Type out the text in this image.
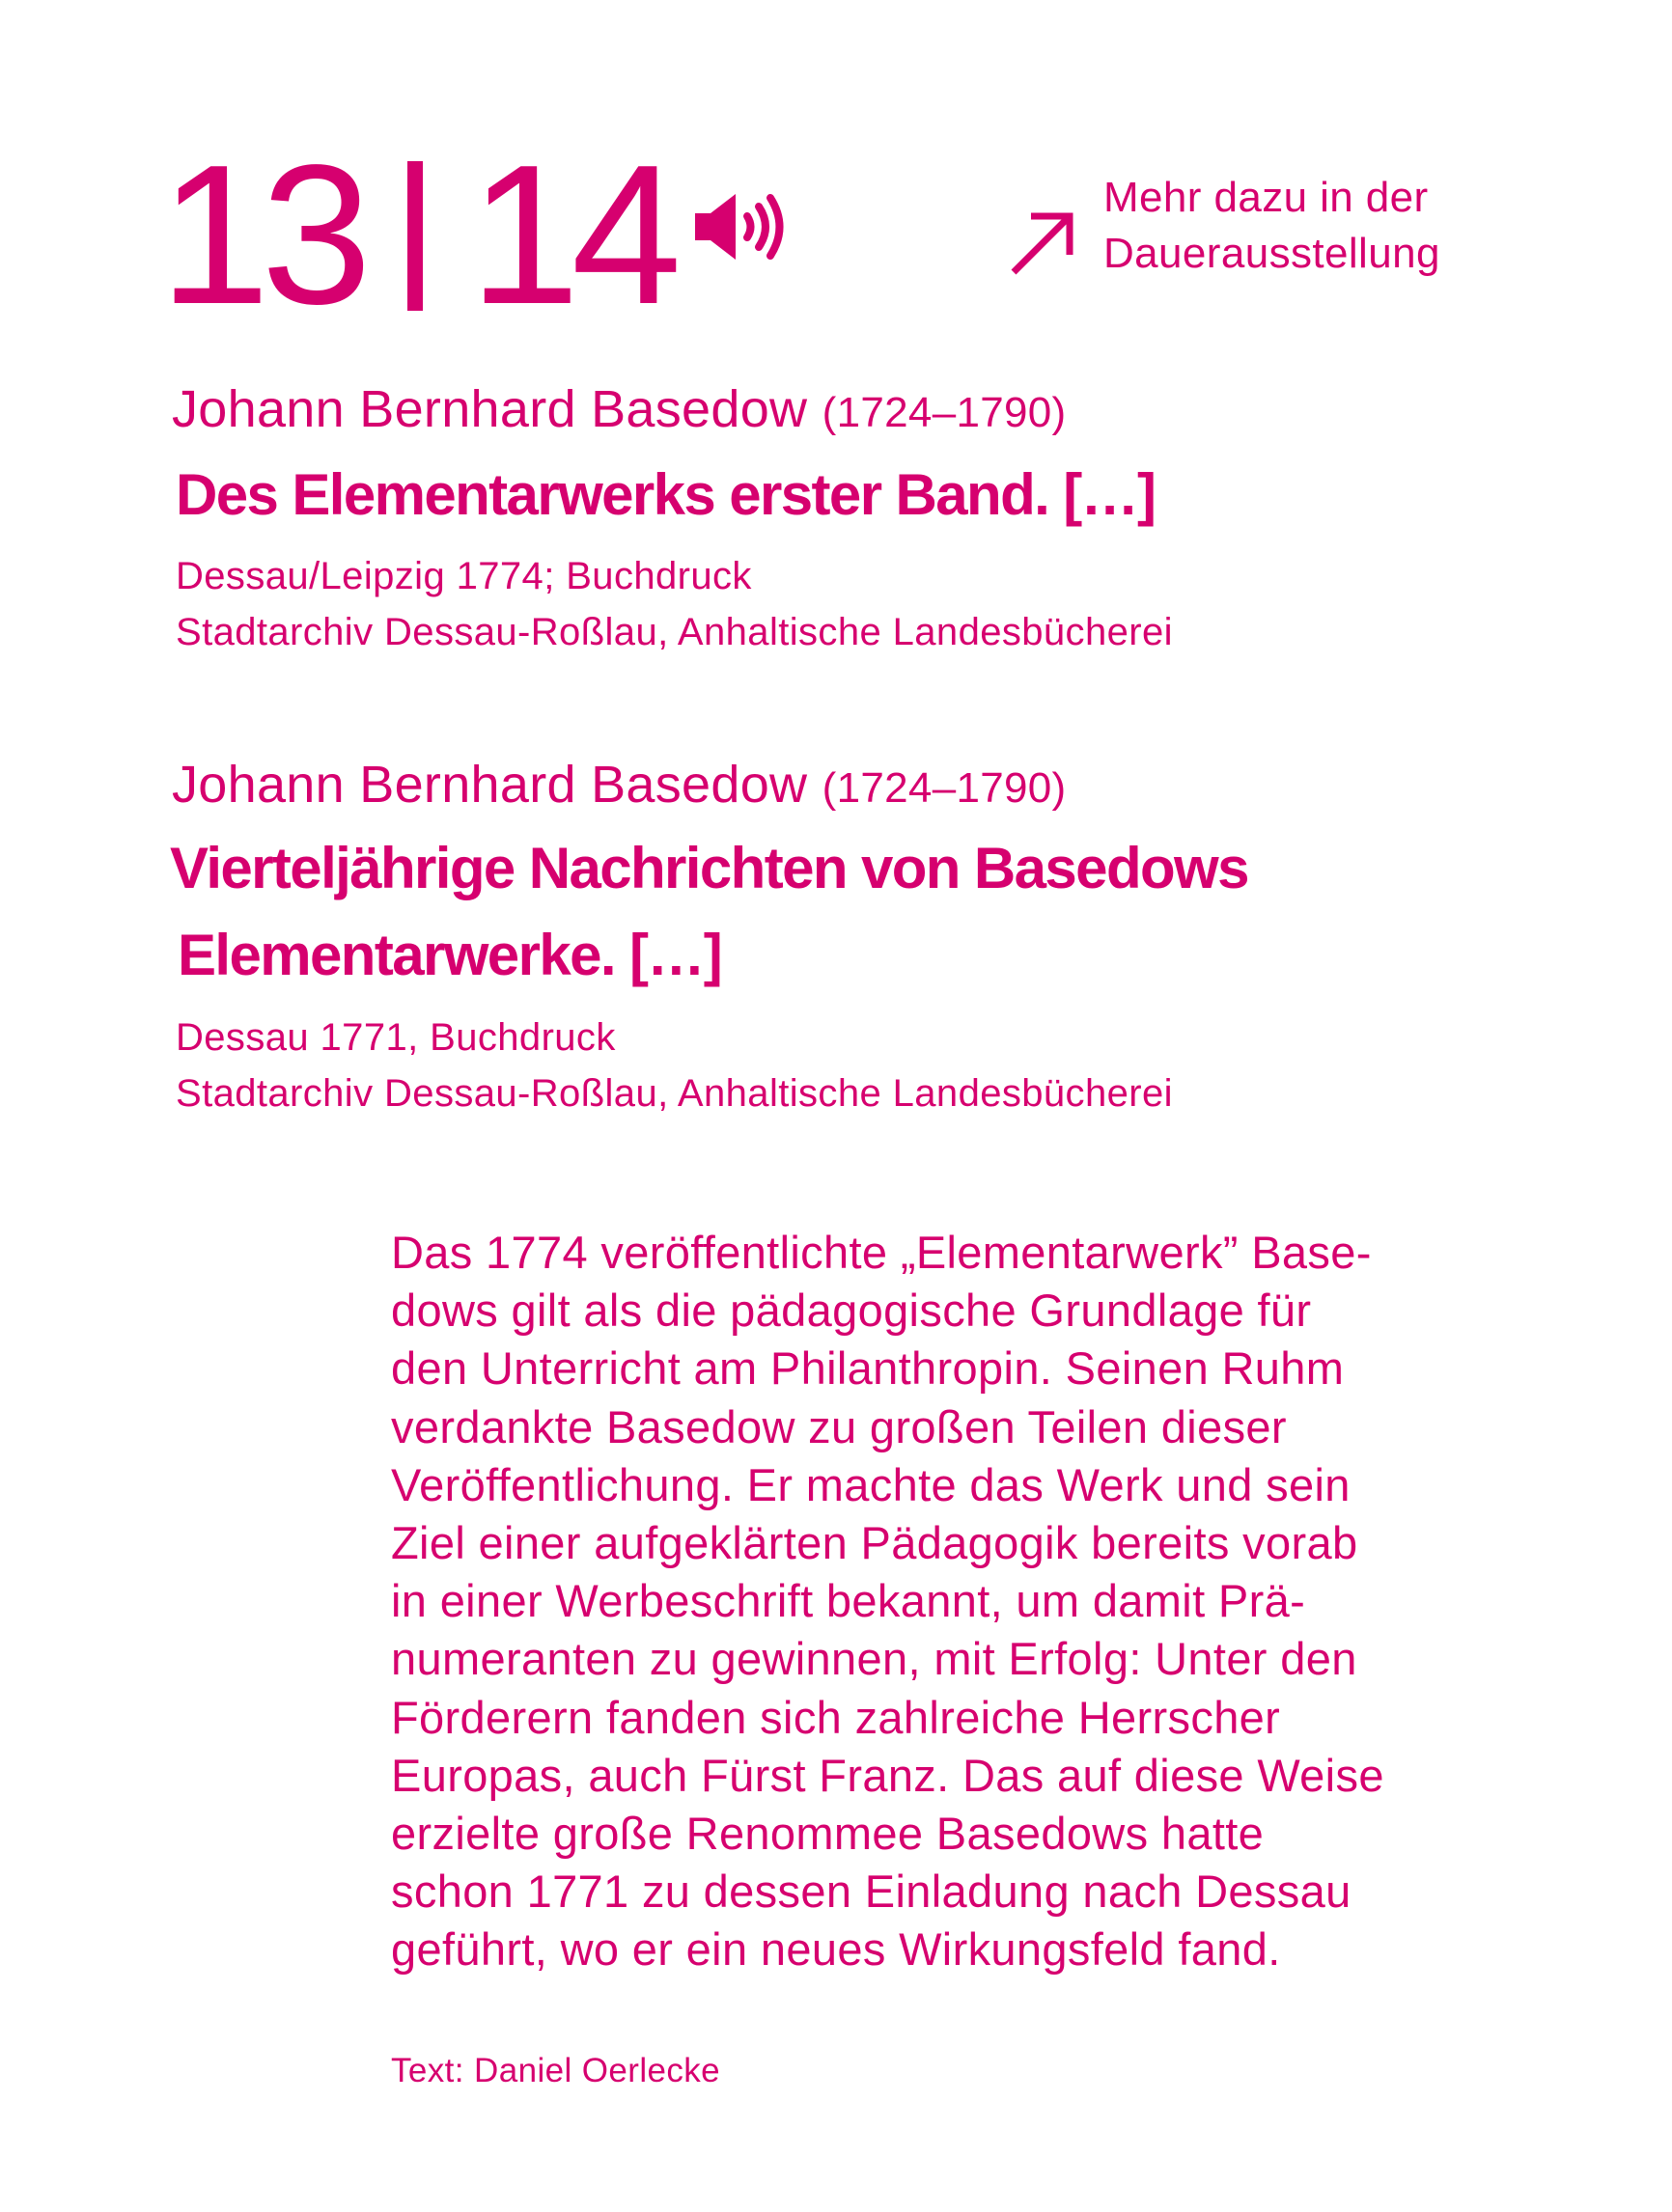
13 14	Mehr dazu in der
Dauerausstellung
Johann Bernhard Basedow (1724–1790)
Des Elementarwerks erster Band. […]
Dessau/Leipzig 1774; Buchdruck
Stadtarchiv Dessau-Roßlau, Anhaltische Landesbücherei
Johann Bernhard Basedow (1724–1790)
Vierteljährige Nachrichten von Basedows
Elementarwerke. […]
Dessau 1771, Buchdruck
Stadtarchiv Dessau-Roßlau, Anhaltische Landesbücherei
Das 1774 veröffentlichte „Elementarwerk” Base-
dows gilt als die pädagogische Grundlage für
den Unterricht am Philanthropin. Seinen Ruhm
verdankte Basedow zu großen Teilen dieser
Veröffentlichung. Er machte das Werk und sein
Ziel einer aufgeklärten Pädagogik bereits vorab
in einer Werbeschrift bekannt, um damit Prä-
numeranten zu gewinnen, mit Erfolg: Unter den
Förderern fanden sich zahlreiche Herrscher
Europas, auch Fürst Franz. Das auf diese Weise
erzielte große Renommee Basedows hatte
schon 1771 zu dessen Einladung nach Dessau
geführt, wo er ein neues Wirkungsfeld fand.
Text: Daniel Oerlecke
